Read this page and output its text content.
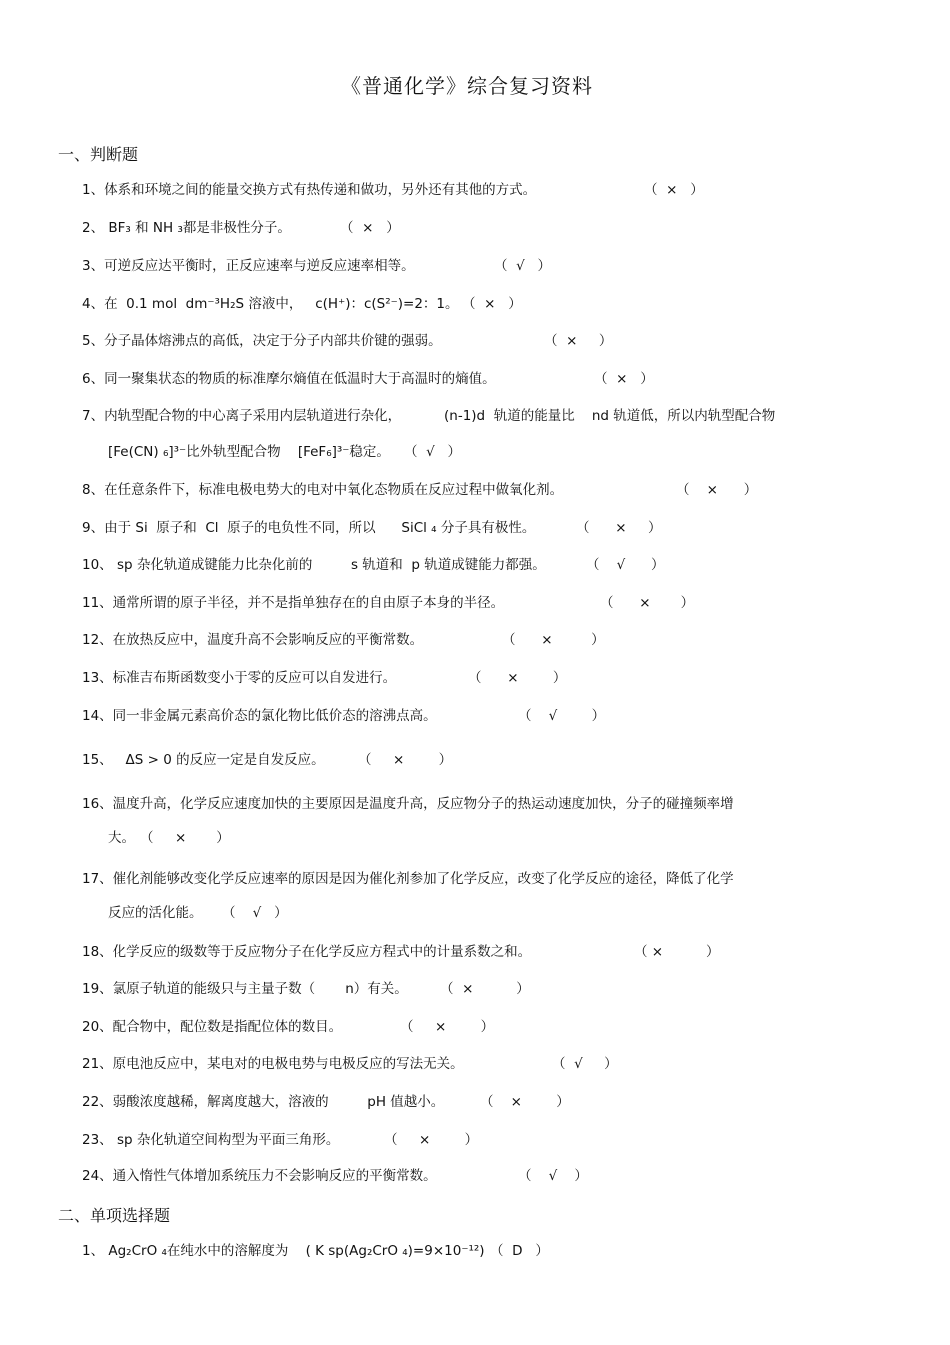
《普通化学》综合复习资料
一、判断题
1、体系和环境之间的能量交换方式有热传递和做功，另外还有其他的方式。	（  ×   ）
2、 BF₃ 和 NH ₃都是非极性分子。	（  ×   ）
3、可逆反应达平衡时，正反应速率与逆反应速率相等。	（  √   ）
4、在  0.1 mol  dm⁻³H₂S 溶液中，   c(H⁺)：c(S²⁻)=2：1。 （  ×   ）
5、分子晶体熔沸点的高低，决定于分子内部共价键的强弱。	（  ×     ）
6、同一聚集状态的物质的标准摩尔熵值在低温时大于高温时的熵值。	（  ×   ）
7、内轨型配合物的中心离子采用内层轨道进行杂化，          (n-1)d  轨道的能量比    nd 轨道低，所以内轨型配合物
[Fe(CN) ₆]³⁻比外轨型配合物    [FeF₆]³⁻稳定。 （  √   ）
8、在任意条件下，标准电极电势大的电对中氧化态物质在反应过程中做氧化剂。	（    ×      ）
9、由于 Si  原子和  Cl  原子的电负性不同，所以      SiCl ₄ 分子具有极性。	（      ×     ）
10、 sp 杂化轨道成键能力比杂化前的         s 轨道和  p 轨道成键能力都强。	（    √      ）
11、通常所谓的原子半径，并不是指单独存在的自由原子本身的半径。	（      ×       ）
12、在放热反应中，温度升高不会影响反应的平衡常数。	（      ×         ）
13、标准吉布斯函数变小于零的反应可以自发进行。	（      ×        ）
14、同一非金属元素高价态的氯化物比低价态的溶沸点高。	（    √        ）
15、   ΔS > 0 的反应一定是自发反应。 （     ×        ）
16、温度升高，化学反应速度加快的主要原因是温度升高，反应物分子的热运动速度加快，分子的碰撞频率增
大。 （     ×       ）
17、催化剂能够改变化学反应速率的原因是因为催化剂参加了化学反应，改变了化学反应的途径，降低了化学
反应的活化能。 （    √   ）
18、化学反应的级数等于反应物分子在化学反应方程式中的计量系数之和。	（ ×          ）
19、氯原子轨道的能级只与主量子数（       n）有关。 （  ×          ）
20、配合物中，配位数是指配位体的数目。	（     ×        ）
21、原电池反应中，某电对的电极电势与电极反应的写法无关。	（  √     ）
22、弱酸浓度越稀，解离度越大，溶液的         pH 值越小。	（    ×        ）
23、 sp 杂化轨道空间构型为平面三角形。	（     ×        ）
24、通入惰性气体增加系统压力不会影响反应的平衡常数。	（    √    ）
二、单项选择题
1、 Ag₂CrO ₄在纯水中的溶解度为    ( K sp(Ag₂CrO ₄)=9×10⁻¹²) （  D   ）
